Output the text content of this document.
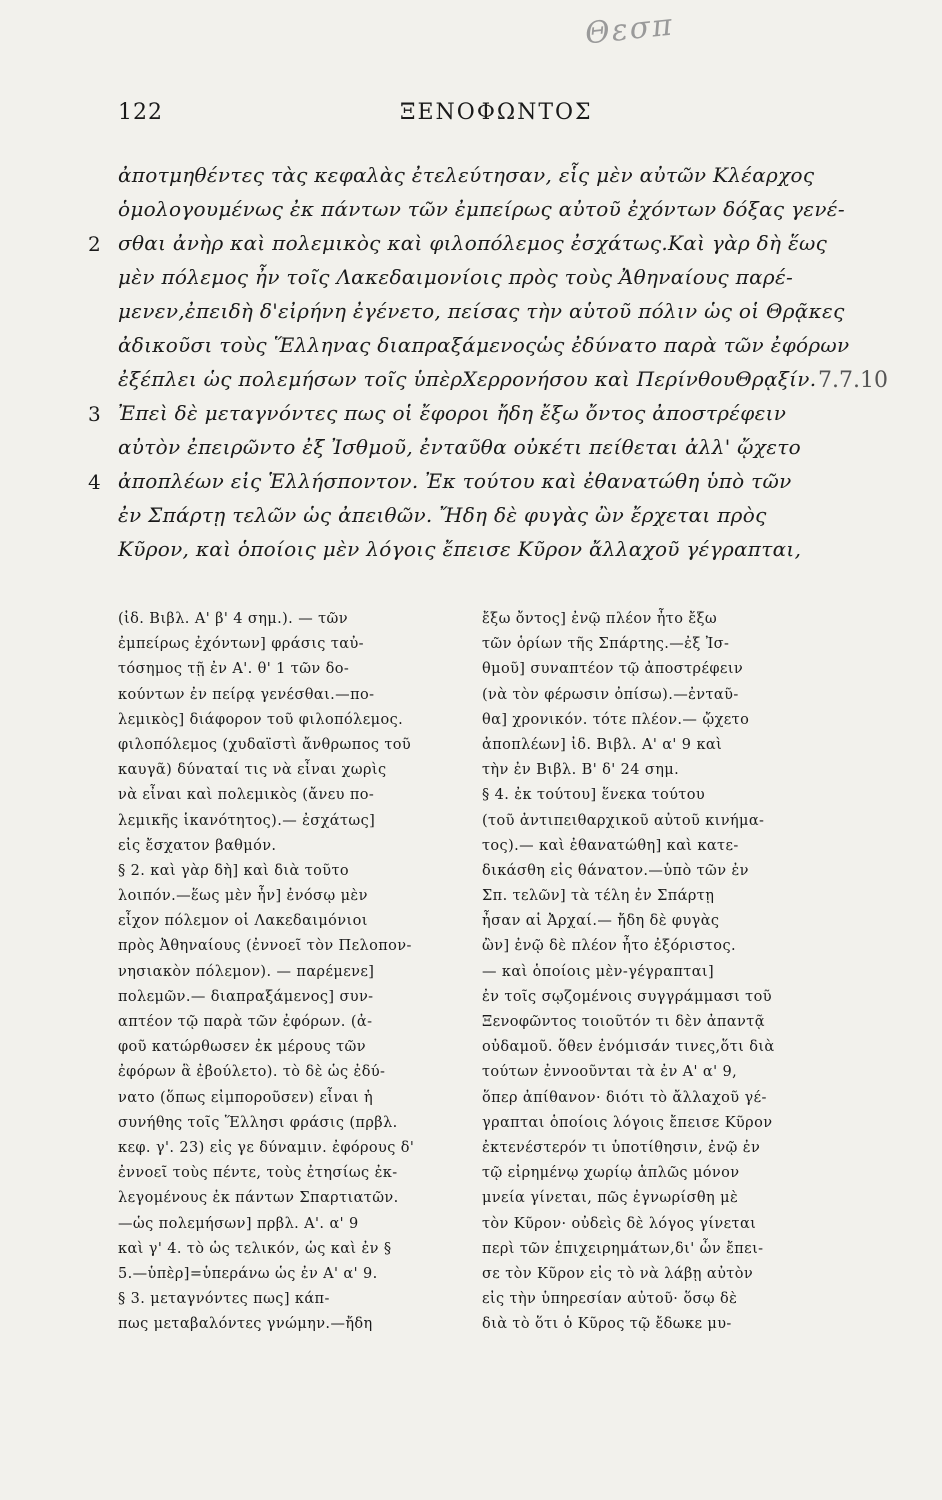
Θεσπ
122	ΞΕΝΟΦΩΝΤΟΣ
2
3
4
7.7.10
ἀποτμηθέντες τὰς κεφαλὰς ἐτελεύτησαν, εἷς μὲν αὐτῶν Κλέαρχος
ὁμολογουμένως ἐκ πάντων τῶν ἐμπείρως αὐτοῦ ἐχόντων δόξας γενέ-
σθαι ἀνὴρ καὶ πολεμικὸς καὶ φιλοπόλεμος ἐσχάτως.Καὶ γὰρ δὴ ἕως
μὲν πόλεμος ἦν τοῖς Λακεδαιμονίοις πρὸς τοὺς Ἀθηναίους παρέ-
μενεν,ἐπειδὴ δ'εἰρήνη ἐγένετο, πείσας τὴν αὑτοῦ πόλιν ὡς οἱ Θρᾷκες
ἀδικοῦσι τοὺς Ἕλληνας διαπραξάμενοςὡς ἐδύνατο παρὰ τῶν ἐφόρων
ἐξέπλει ὡς πολεμήσων τοῖς ὑπὲρΧερρονήσου καὶ ΠερίνθουΘρᾳξίν.
Ἐπεὶ δὲ μεταγνόντες πως οἱ ἔφοροι ἤδη ἔξω ὄντος ἀποστρέφειν
αὐτὸν ἐπειρῶντο ἐξ Ἰσθμοῦ, ἐνταῦθα οὐκέτι πείθεται ἀλλ' ᾤχετο
ἀποπλέων εἰς Ἑλλήσποντον. Ἐκ τούτου καὶ ἐθανατώθη ὑπὸ τῶν
ἐν Σπάρτῃ τελῶν ὡς ἀπειθῶν. Ἤδη δὲ φυγὰς ὢν ἔρχεται πρὸς
Κῦρον, καὶ ὁποίοις μὲν λόγοις ἔπεισε Κῦρον ἄλλαχοῦ γέγραπται,
(ἰδ. Βιβλ. Α' β' 4 σημ.). — τῶν
ἐμπείρως ἐχόντων] φράσις ταὐ-
τόσημος τῇ ἐν Α'. θ' 1 τῶν δο-
κούντων ἐν πείρᾳ γενέσθαι.—πο-
λεμικὸς] διάφορον τοῦ φιλοπόλεμος.
φιλοπόλεμος (χυδαϊστὶ ἄνθρωπος τοῦ
καυγᾶ) δύναταί τις νὰ εἶναι χωρὶς
νὰ εἶναι καὶ πολεμικὸς (ἄνευ πο-
λεμικῆς ἱκανότητος).— ἐσχάτως]
εἰς ἔσχατον βαθμόν.
§ 2. καὶ γὰρ δὴ] καὶ διὰ τοῦτο
λοιπόν.—ἕως μὲν ἦν] ἐνόσῳ μὲν
εἶχον πόλεμον οἱ Λακεδαιμόνιοι
πρὸς Ἀθηναίους (ἐννοεῖ τὸν Πελοπον-
νησιακὸν πόλεμον). — παρέμενε]
πολεμῶν.— διαπραξάμενος] συν-
απτέον τῷ παρὰ τῶν ἐφόρων. (ἀ-
φοῦ κατώρθωσεν ἐκ μέρους τῶν
ἐφόρων ἃ ἐβούλετο). τὸ δὲ ὡς ἐδύ-
νατο (ὅπως εἰμποροῦσεν) εἶναι ἡ
συνήθης τοῖς Ἕλλησι φράσις (πρβλ.
κεφ. γ'. 23) εἰς γε δύναμιν. ἐφόρους δ'
ἐννοεῖ τοὺς πέντε, τοὺς ἐτησίως ἐκ-
λεγομένους ἐκ πάντων Σπαρτιατῶν.
—ὡς πολεμήσων] πρβλ. Α'. α' 9
καὶ γ' 4. τὸ ὡς τελικόν, ὡς καὶ ἐν §
5.—ὑπὲρ]=ὑπεράνω ὡς ἐν Α' α' 9.
§ 3. μεταγνόντες πως] κάπ-
πως μεταβαλόντες γνώμην.—ἤδη
ἔξω ὄντος] ἐνῷ πλέον ἦτο ἔξω
τῶν ὁρίων τῆς Σπάρτης.—ἐξ Ἰσ-
θμοῦ] συναπτέον τῷ ἀποστρέφειν
(νὰ τὸν φέρωσιν ὀπίσω).—ἐνταῦ-
θα] χρονικόν. τότε πλέον.— ᾤχετο
ἀποπλέων] ἰδ. Βιβλ. Α' α' 9 καὶ
τὴν ἐν Βιβλ. Β' δ' 24 σημ.
§ 4. ἐκ τούτου] ἕνεκα τούτου
(τοῦ ἀντιπειθαρχικοῦ αὐτοῦ κινήμα-
τος).— καὶ ἐθανατώθη] καὶ κατε-
δικάσθη εἰς θάνατον.—ὑπὸ τῶν ἐν
Σπ. τελῶν] τὰ τέλη ἐν Σπάρτῃ
ἦσαν αἱ Ἀρχαί.— ἤδη δὲ φυγὰς
ὢν] ἐνῷ δὲ πλέον ἦτο ἐξόριστος.
— καὶ ὁποίοις μὲν-γέγραπται]
ἐν τοῖς σῳζομένοις συγγράμμασι τοῦ
Ξενοφῶντος τοιοῦτόν τι δὲν ἀπαντᾷ
οὐδαμοῦ. ὅθεν ἐνόμισάν τινες,ὅτι διὰ
τούτων ἐννοοῦνται τὰ ἐν Α' α' 9,
ὅπερ ἀπίθανον· διότι τὸ ἄλλαχοῦ γέ-
γραπται ὁποίοις λόγοις ἔπεισε Κῦρον
ἐκτενέστερόν τι ὑποτίθησιν, ἐνῷ ἐν
τῷ εἰρημένῳ χωρίῳ ἁπλῶς μόνον
μνεία γίνεται, πῶς ἐγνωρίσθη μὲ
τὸν Κῦρον· οὐδεὶς δὲ λόγος γίνεται
περὶ τῶν ἐπιχειρημάτων,δι' ὧν ἔπει-
σε τὸν Κῦρον εἰς τὸ νὰ λάβῃ αὐτὸν
εἰς τὴν ὑπηρεσίαν αὐτοῦ· ὅσῳ δὲ
διὰ τὸ ὅτι ὁ Κῦρος τῷ ἔδωκε μυ-
